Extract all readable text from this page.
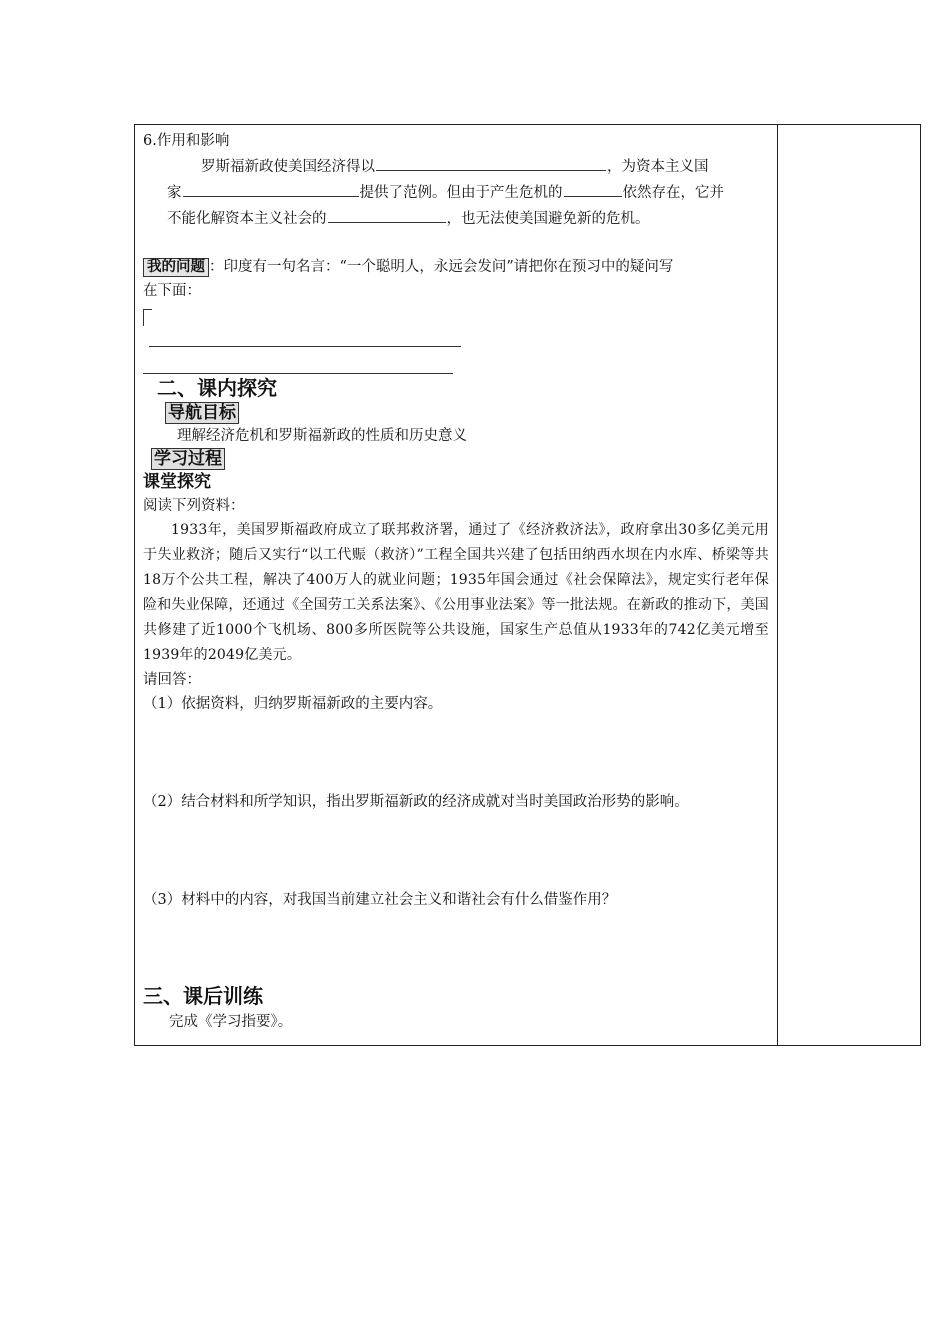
6.作用和影响
罗斯福新政使美国经济得以	，为资本主义国
家	提供了范例。但由于产生危机的	依然存在，它并
不能化解资本主义社会的	，也无法使美国避免新的危机。
我的问题 ：印度有一句名言：“一个聪明人，永远会发问”请把你在预习中的疑问写
在下面：
二、课内探究
导航目标
理解经济危机和罗斯福新政的性质和历史意义
学习过程
课堂探究
阅读下列资料：
1933年，美国罗斯福政府成立了联邦救济署，通过了《经济救济法》，政府拿出30多亿美元用于失业救济；随后又实行“以工代赈（救济）”工程全国共兴建了包括田纳西水坝在内水库、桥梁等共18万个公共工程，解决了400万人的就业问题；1935年国会通过《社会保障法》，规定实行老年保险和失业保障，还通过《全国劳工关系法案》、《公用事业法案》等一批法规。在新政的推动下，美国共修建了近1000个飞机场、800多所医院等公共设施，国家生产总值从1933年的742亿美元增至1939年的2049亿美元。
请回答：
（1）依据资料，归纳罗斯福新政的主要内容。
（2）结合材料和所学知识，指出罗斯福新政的经济成就对当时美国政治形势的影响。
（3）材料中的内容，对我国当前建立社会主义和谐社会有什么借鉴作用？
三、课后训练
完成《学习指要》。
